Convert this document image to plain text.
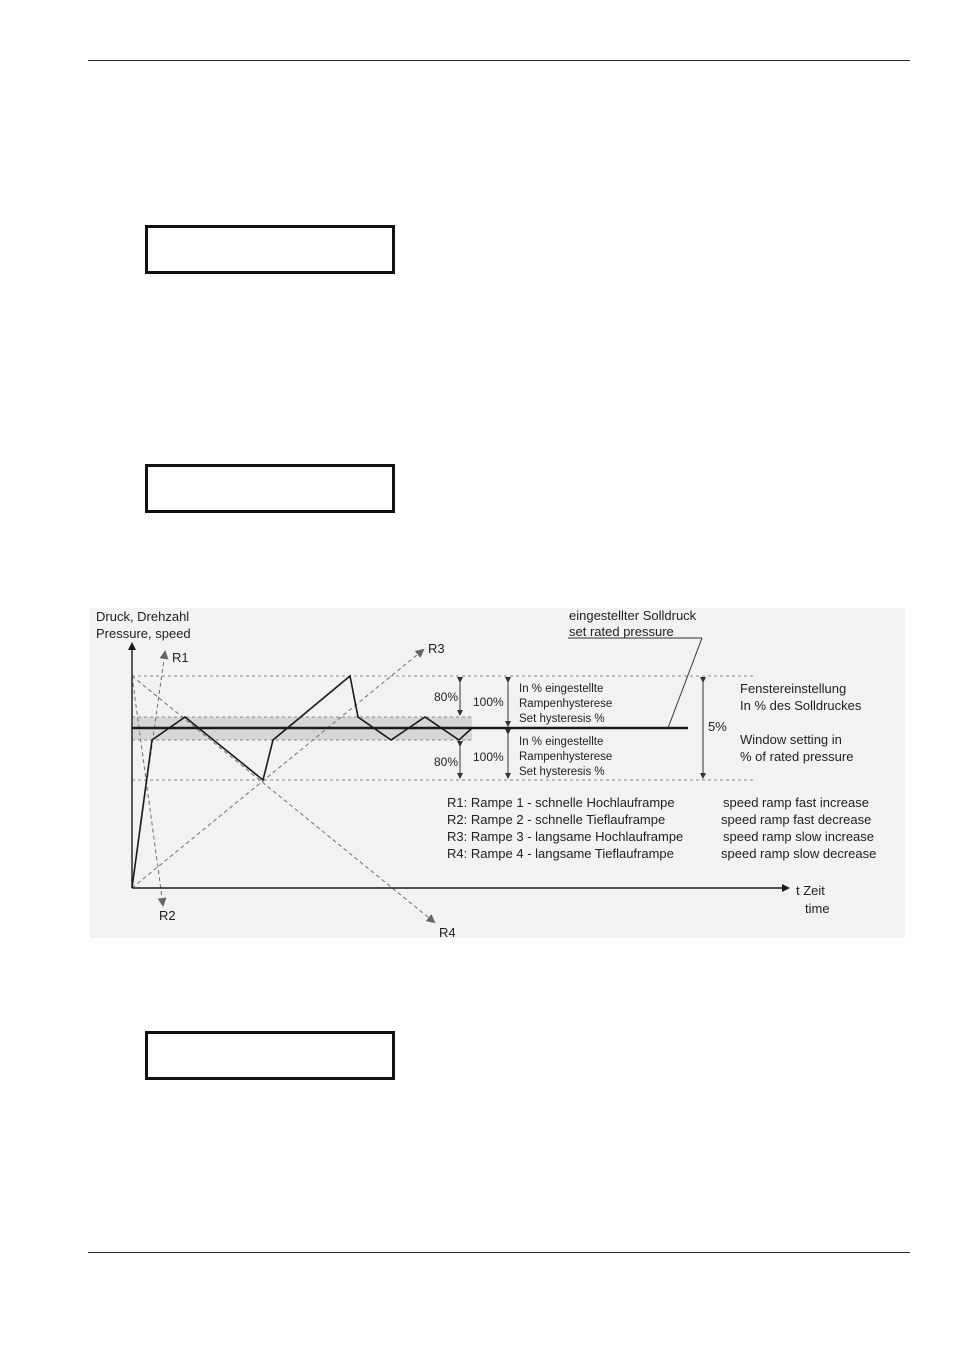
Druck, Drehzahl
Pressure, speed
t Zeit
time
eingestellter Solldruck
set rated pressure
R1
R2
R3
R4
80% 100%
100%
80%
In % eingestellte
Rampenhysterese
Set hysteresis %
In % eingestellte
Rampenhysterese
Set hysteresis %
5%
Fenstereinstellung
In % des Solldruckes
Window setting in
% of rated pressure
R1: Rampe 1 - schnelle Hochlauframpe	speed ramp fast increase
R2: Rampe 2 - schnelle Tieflauframpe	speed ramp fast decrease
R3: Rampe 3 - langsame Hochlauframpe	speed ramp slow increase
R4: Rampe 4 - langsame Tieflauframpe	speed ramp slow decrease
